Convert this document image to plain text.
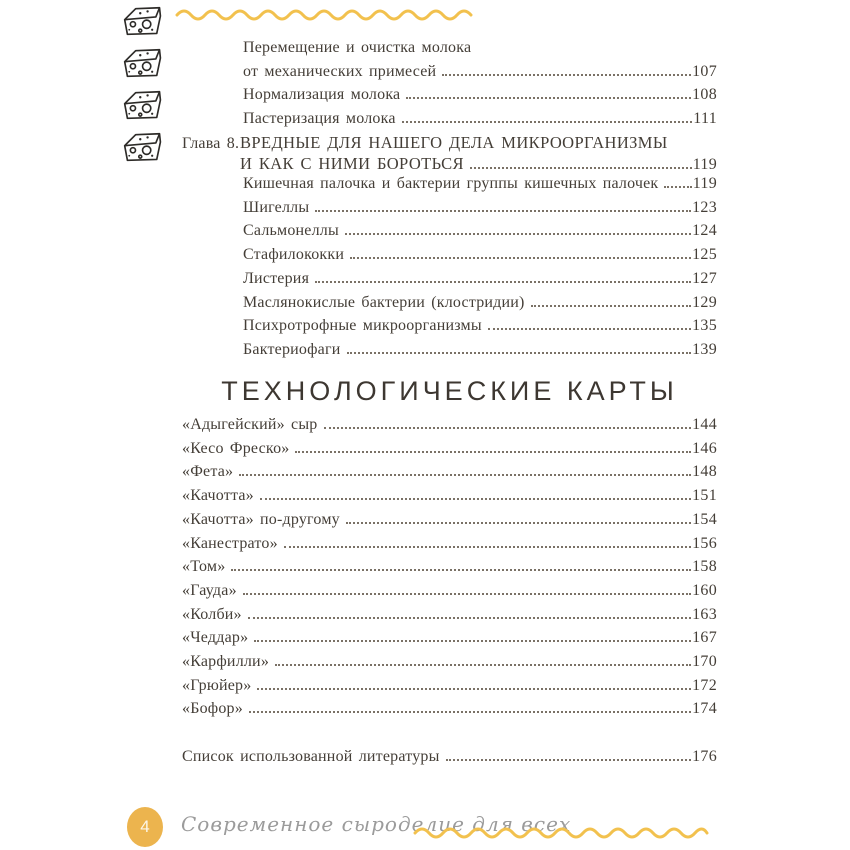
Перемещение и очистка молока
от механических примесей	107
Нормализация молока	108
Пастеризация молока	111
Глава 8. ВРЕДНЫЕ ДЛЯ НАШЕГО ДЕЛА МИКРООРГАНИЗМЫ
И КАК С НИМИ БОРОТЬСЯ	119
Кишечная палочка и бактерии группы кишечных палочек 119
Шигеллы	123
Сальмонеллы	124
Стафилококки	125
Листерия	127
Маслянокислые бактерии (клостридии)	129
Психротрофные микроорганизмы	135
Бактериофаги	139
ТЕХНОЛОГИЧЕСКИЕ КАРТЫ
«Адыгейский» сыр	144
«Кесо Фреско»	146
«Фета»	148
«Качотта»	151
«Качотта» по-другому	154
«Канестрато»	156
«Том»	158
«Гауда»	160
«Колби»	163
«Чеддар»	167
«Карфилли»	170
«Грюйер»	172
«Бофор»	174
Список использованной литературы	176
4 Современное сыроделие для всех
